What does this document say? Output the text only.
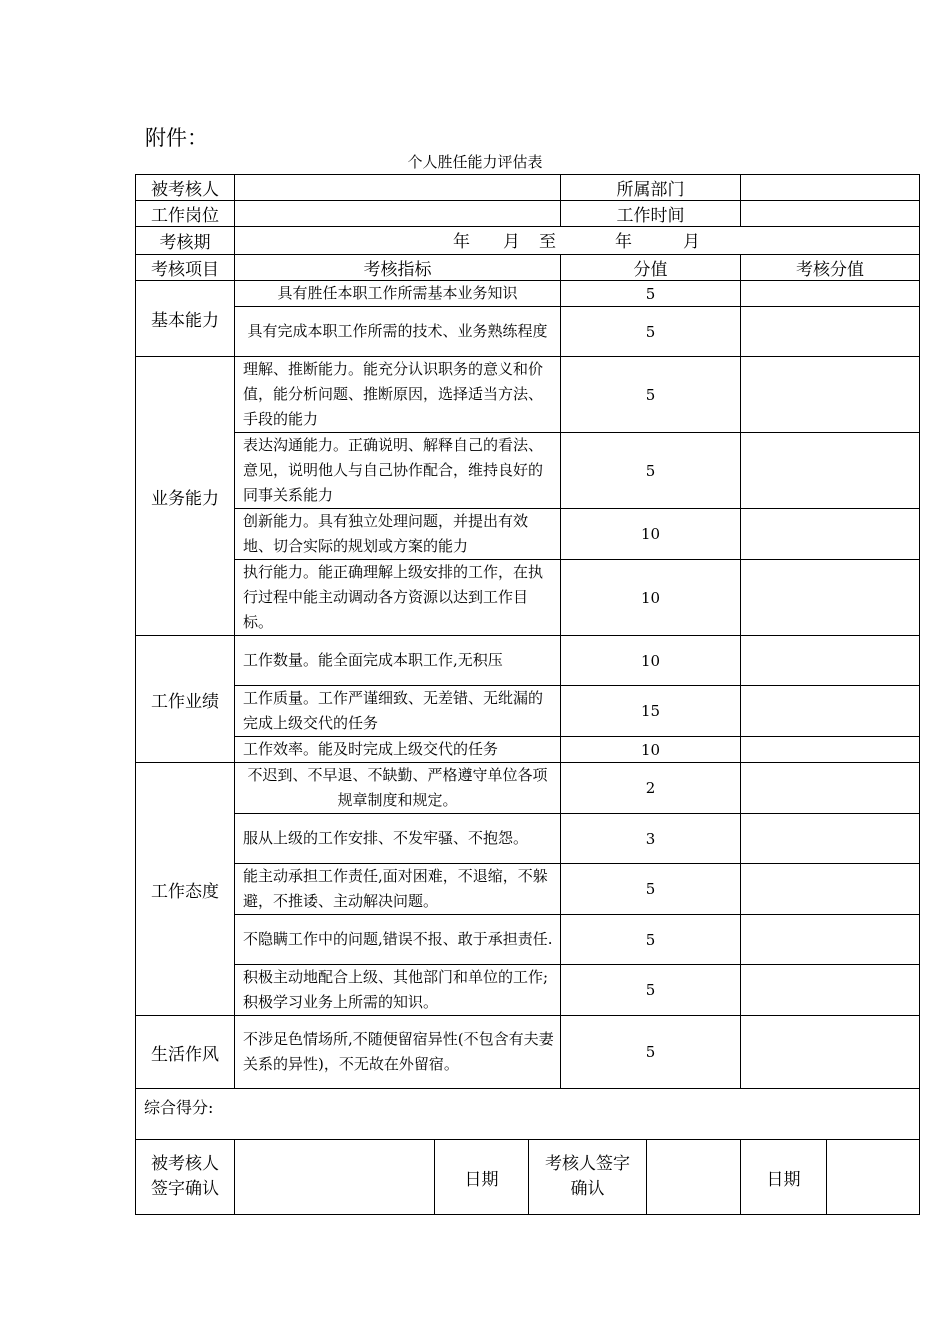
附件：
个人胜任能力评估表
被考核人				所属部门			
工作岗位				工作时间			
考核期	年 月 至 年 月						

考核项目	考核指标			分值		考核分值	
基本能力	具有胜任本职工作所需基本业务知识			5			
	具有完成本职工作所需的技术、业务熟练程度			5			
业务能力	理解、推断能力。能充分认识职务的意义和价值，能分析问题、推断原因，选择适当方法、手段的能力			5			
	表达沟通能力。正确说明、解释自己的看法、意见，说明他人与自己协作配合，维持良好的同事关系能力			5			
	创新能力。具有独立处理问题，并提出有效地、切合实际的规划或方案的能力			10			
	执行能力。能正确理解上级安排的工作，在执行过程中能主动调动各方资源以达到工作目标。			10			
工作业绩	工作数量。能全面完成本职工作,无积压			10			
	工作质量。工作严谨细致、无差错、无纰漏的完成上级交代的任务			15			
	工作效率。能及时完成上级交代的任务			10			
工作态度	不迟到、不早退、不缺勤、严格遵守单位各项规章制度和规定。			2			
	服从上级的工作安排、不发牢骚、不抱怨。			3			
	能主动承担工作责任,面对困难，不退缩，不躲避，不推诿、主动解决问题。			5			
	不隐瞒工作中的问题,错误不报、敢于承担责任.			5			
	积极主动地配合上级、其他部门和单位的工作;积极学习业务上所需的知识。			5			
生活作风	不涉足色情场所,不随便留宿异性(不包含有夫妻关系的异性)，不无故在外留宿。			5			
综合得分:							
被考核人签字确认		日期	考核人签字确认			日期	
